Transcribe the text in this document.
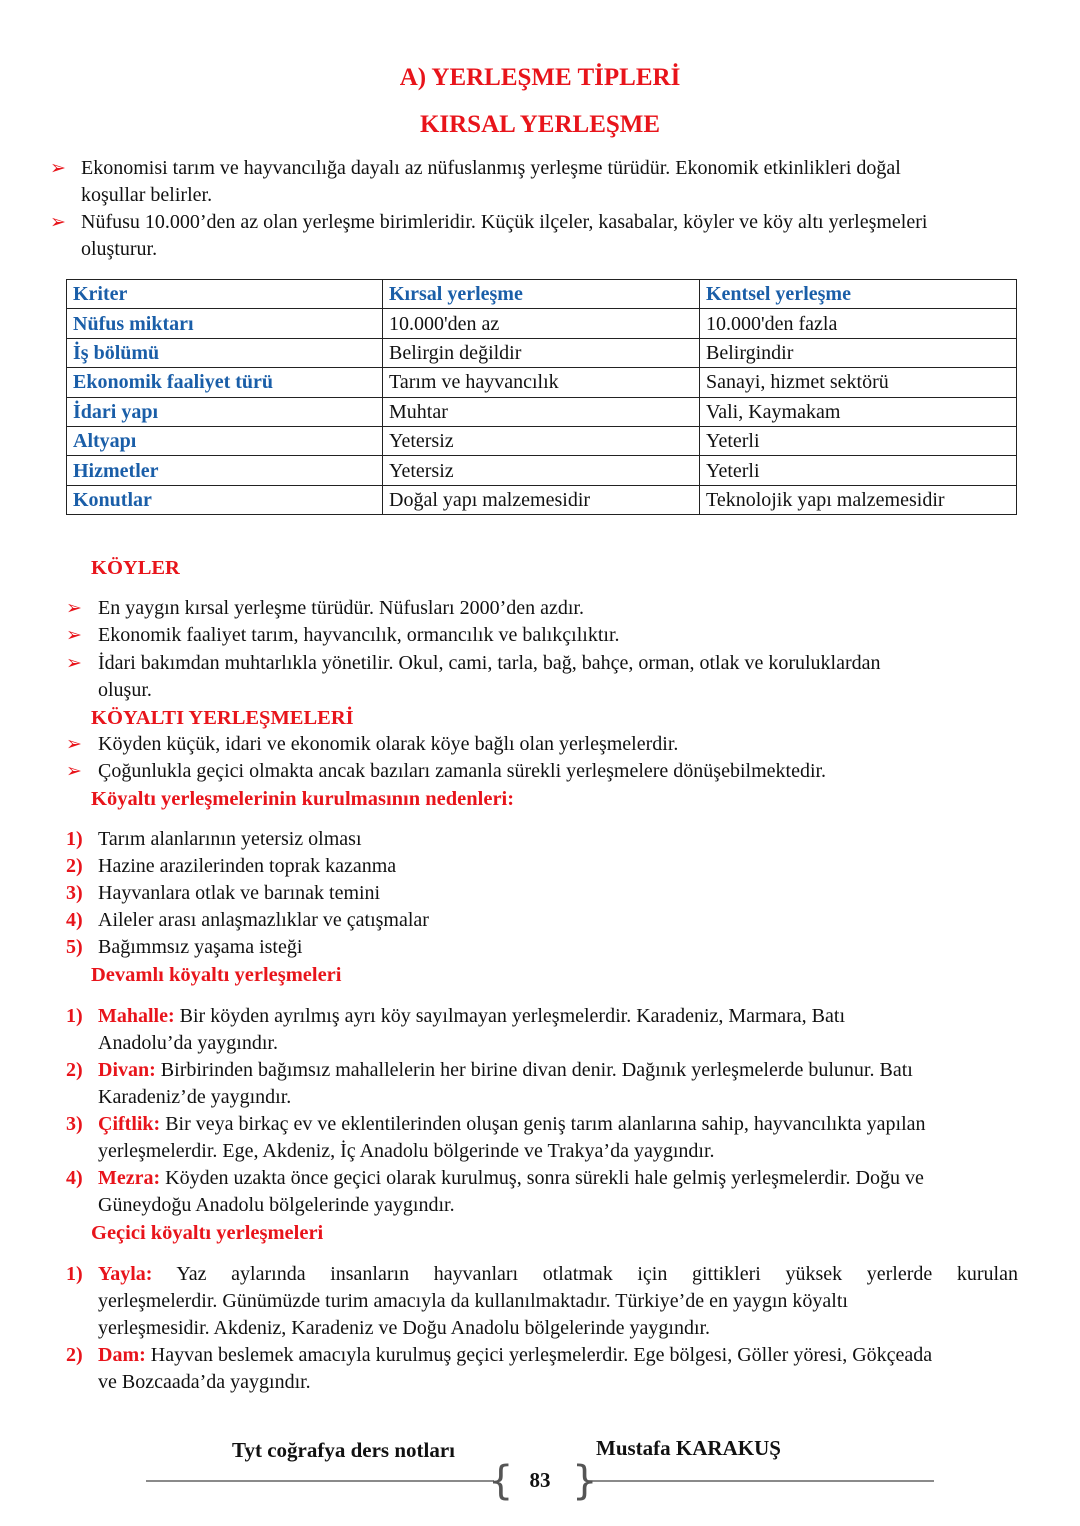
A) YERLEŞME TİPLERİ
KIRSAL YERLEŞME
➢ Ekonomisi tarım ve hayvancılığa dayalı az nüfuslanmış yerleşme türüdür. Ekonomik etkinlikleri doğal
koşullar belirler.
➢ Nüfusu 10.000’den az olan yerleşme birimleridir. Küçük ilçeler, kasabalar, köyler ve köy altı yerleşmeleri
oluşturur.
Kriter	Kırsal yerleşme	Kentsel yerleşme
Nüfus miktarı	10.000'den az	10.000'den fazla
İş bölümü	Belirgin değildir	Belirgindir
Ekonomik faaliyet türü	Tarım ve hayvancılık	Sanayi, hizmet sektörü
İdari yapı	Muhtar	Vali, Kaymakam
Altyapı	Yetersiz	Yeterli
Hizmetler	Yetersiz	Yeterli
Konutlar	Doğal yapı malzemesidir	Teknolojik yapı malzemesidir
KÖYLER
➢ En yaygın kırsal yerleşme türüdür. Nüfusları 2000’den azdır.
➢ Ekonomik faaliyet tarım, hayvancılık, ormancılık ve balıkçılıktır.
➢ İdari bakımdan muhtarlıkla yönetilir. Okul, cami, tarla, bağ, bahçe, orman, otlak ve koruluklardan
oluşur.
KÖYALTI YERLEŞMELERİ
➢ Köyden küçük, idari ve ekonomik olarak köye bağlı olan yerleşmelerdir.
➢ Çoğunlukla geçici olmakta ancak bazıları zamanla sürekli yerleşmelere dönüşebilmektedir.
Köyaltı yerleşmelerinin kurulmasının nedenleri:
1) Tarım alanlarının yetersiz olması
2) Hazine arazilerinden toprak kazanma
3) Hayvanlara otlak ve barınak temini
4) Aileler arası anlaşmazlıklar ve çatışmalar
5) Bağımmsız yaşama isteği
Devamlı köyaltı yerleşmeleri
1) Mahalle: Bir köyden ayrılmış ayrı köy sayılmayan yerleşmelerdir. Karadeniz, Marmara, Batı
Anadolu’da yaygındır.
2) Divan: Birbirinden bağımsız mahallelerin her birine divan denir. Dağınık yerleşmelerde bulunur. Batı
Karadeniz’de yaygındır.
3) Çiftlik: Bir veya birkaç ev ve eklentilerinden oluşan geniş tarım alanlarına sahip, hayvancılıkta yapılan
yerleşmelerdir. Ege, Akdeniz, İç Anadolu bölgerinde ve Trakya’da yaygındır.
4) Mezra: Köyden uzakta önce geçici olarak kurulmuş, sonra sürekli hale gelmiş yerleşmelerdir. Doğu ve
Güneydoğu Anadolu bölgelerinde yaygındır.
Geçici köyaltı yerleşmeleri
1) Yayla: Yaz aylarında insanların hayvanları otlatmak için gittikleri yüksek yerlerde kurulan
yerleşmelerdir. Günümüzde turim amacıyla da kullanılmaktadır. Türkiye’de en yaygın köyaltı
yerleşmesidir. Akdeniz, Karadeniz ve Doğu Anadolu bölgelerinde yaygındır.
2) Dam: Hayvan beslemek amacıyla kurulmuş geçici yerleşmelerdir. Ege bölgesi, Göller yöresi, Gökçeada
ve Bozcaada’da yaygındır.
Tyt coğrafya ders notları	Mustafa KARAKUŞ
{ }
83
